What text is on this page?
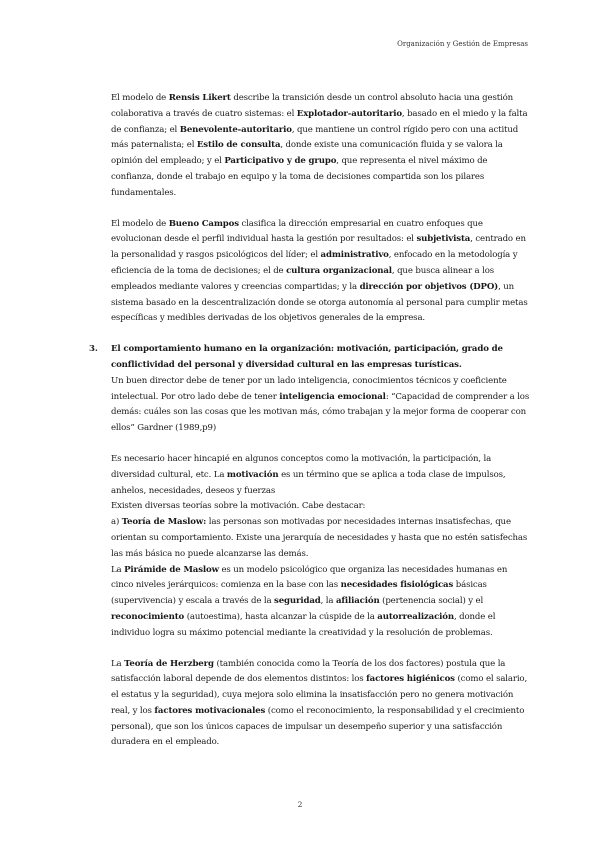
Organización y Gestión de Empresas

El modelo de Rensis Likert describe la transición desde un control absoluto hacia una gestión colaborativa a través de cuatro sistemas: el Explotador-autoritario, basado en el miedo y la falta de confianza; el Benevolente-autoritario, que mantiene un control rígido pero con una actitud más paternalista; el Estilo de consulta, donde existe una comunicación fluida y se valora la opinión del empleado; y el Participativo y de grupo, que representa el nivel máximo de confianza, donde el trabajo en equipo y la toma de decisiones compartida son los pilares fundamentales.

El modelo de Bueno Campos clasifica la dirección empresarial en cuatro enfoques que evolucionan desde el perfil individual hasta la gestión por resultados: el subjetivista, centrado en la personalidad y rasgos psicológicos del líder; el administrativo, enfocado en la metodología y eficiencia de la toma de decisiones; el de cultura organizacional, que busca alinear a los empleados mediante valores y creencias compartidas; y la dirección por objetivos (DPO), un sistema basado en la descentralización donde se otorga autonomía al personal para cumplir metas específicas y medibles derivadas de los objetivos generales de la empresa.

3. El comportamiento humano en la organización: motivación, participación, grado de conflictividad del personal y diversidad cultural en las empresas turísticas.

Un buen director debe de tener por un lado inteligencia, conocimientos técnicos y coeficiente intelectual. Por otro lado debe de tener inteligencia emocional: “Capacidad de comprender a los demás: cuáles son las cosas que les motivan más, cómo trabajan y la mejor forma de cooperar con ellos” Gardner (1989,p9)

Es necesario hacer hincapié en algunos conceptos como la motivación, la participación, la diversidad cultural, etc. La motivación es un término que se aplica a toda clase de impulsos, anhelos, necesidades, deseos y fuerzas

Existen diversas teorías sobre la motivación. Cabe destacar:

a) Teoría de Maslow: las personas son motivadas por necesidades internas insatisfechas, que orientan su comportamiento. Existe una jerarquía de necesidades y hasta que no estén satisfechas las más básica no puede alcanzarse las demás.

La Pirámide de Maslow es un modelo psicológico que organiza las necesidades humanas en cinco niveles jerárquicos: comienza en la base con las necesidades fisiológicas básicas (supervivencia) y escala a través de la seguridad, la afiliación (pertenencia social) y el reconocimiento (autoestima), hasta alcanzar la cúspide de la autorrealización, donde el individuo logra su máximo potencial mediante la creatividad y la resolución de problemas.

La Teoría de Herzberg (también conocida como la Teoría de los dos factores) postula que la satisfacción laboral depende de dos elementos distintos: los factores higiénicos (como el salario, el estatus y la seguridad), cuya mejora solo elimina la insatisfacción pero no genera motivación real, y los factores motivacionales (como el reconocimiento, la responsabilidad y el crecimiento personal), que son los únicos capaces de impulsar un desempeño superior y una satisfacción duradera en el empleado.

2
